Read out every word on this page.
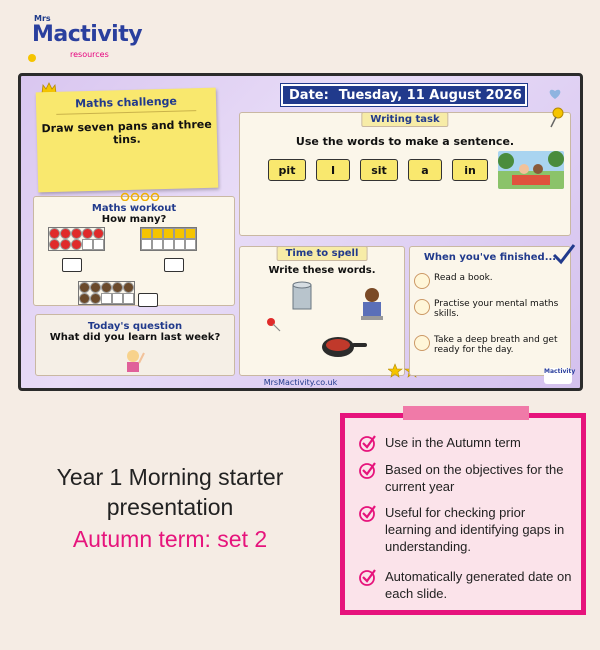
Mrs
Mactivity
resources
Date: Tuesday, 11 August 2026
Maths challenge
Draw seven pans and three tins.
Writing task
Use the words to make a sentence.
pit	I	sit	a	in
Maths workout
How many?
Today's question
What did you learn last week?
Time to spell
Write these words.
When you've finished...
Read a book.
Practise your mental maths skills.
Take a deep breath and get ready for the day.
MrsMactivity.co.uk
Mactivity
Year 1 Morning starter
presentation
Autumn term: set 2
Use in the Autumn term
Based on the objectives for the current year
Useful for checking prior learning and identifying gaps in understanding.
Automatically generated date on each slide.
